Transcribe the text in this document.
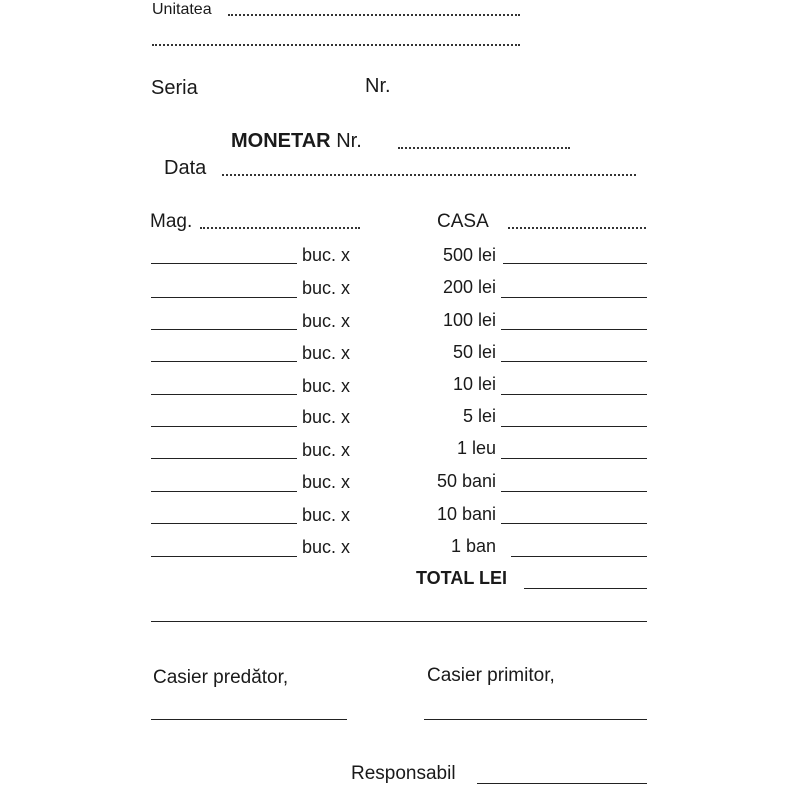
Unitatea
Seria	Nr.
MONETAR Nr.
Data
Mag.	CASA
buc. x	500 lei
buc. x	200 lei
buc. x	100 lei
buc. x	50 lei
buc. x	10 lei
buc. x	5 lei
buc. x	1 leu
buc. x	50 bani
buc. x	10 bani
buc. x	1 ban
TOTAL LEI
Casier predător,	Casier primitor,
Responsabil
